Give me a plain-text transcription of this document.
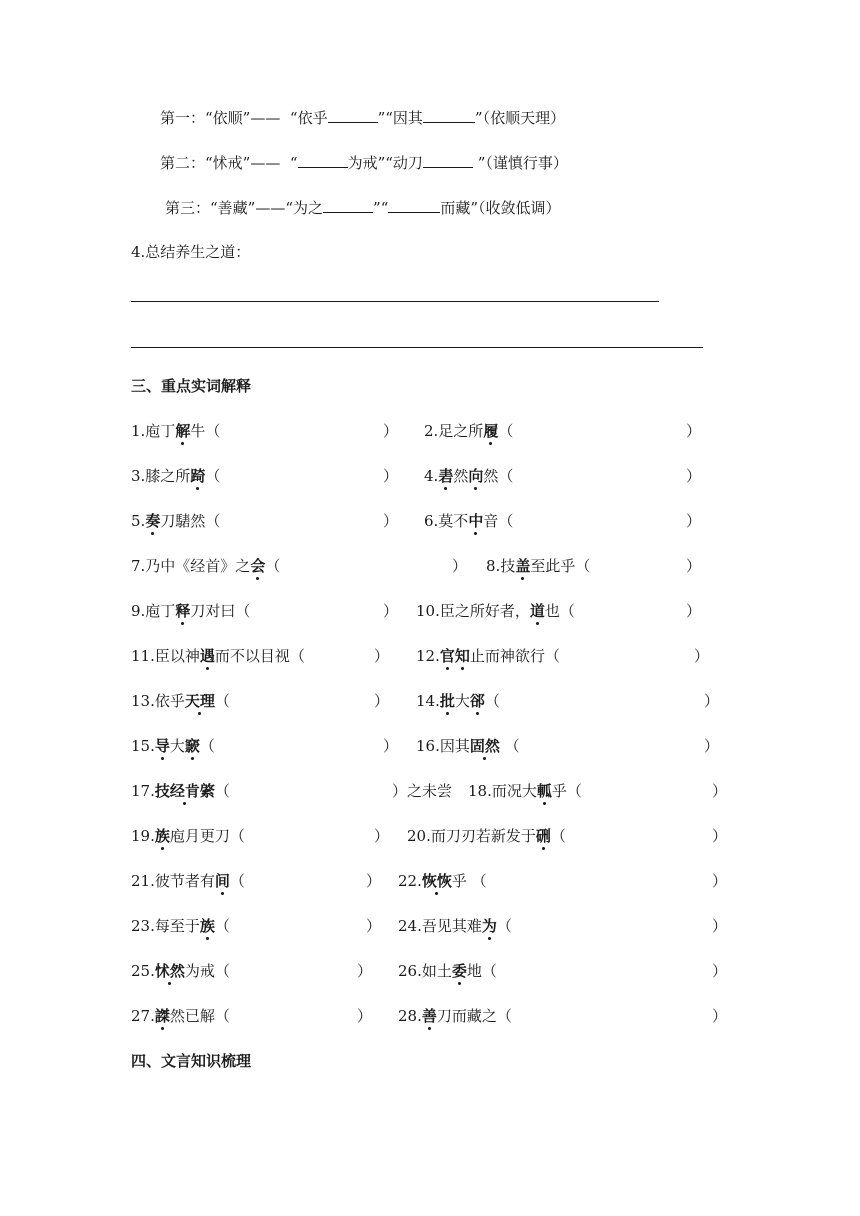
第一：“依顺”—— “依乎	”“因其	”（依顺天理）
第二：“怵戒”—— “	为戒”“动刀	”（谨慎行事）
第三：“善藏”——“为之	”“	而藏”（收敛低调）
4.总结养生之道：
三、重点实词解释
1.庖丁解牛（	） 2.足之所履（	）
3.膝之所踦（	） 4.砉然向然（	）
5.奏刀騞然（	） 6.莫不中音（	）
7.乃中《经首》之会（	） 8.技盖至此乎（	）
9.庖丁释刀对曰（	） 10.臣之所好者，道也（	）
11.臣以神遇而不以目视（	） 12.官知止而神欲行（	）
13.依乎天理（	） 14.批大郤（	）
15.导大窾（	） 16.因其固然 （	）
17.技经肯綮（	）之未尝 18.而况大軱乎（	）
19.族庖月更刀（	） 20.而刀刃若新发于硎（	）
21.彼节者有间（	） 22.恢恢乎 （	）
23.每至于族（	） 24.吾见其难为（	）
25.怵然为戒（	） 26.如土委地（	）
27.謋然已解（	） 28.善刀而藏之（	）
四、文言知识梳理
